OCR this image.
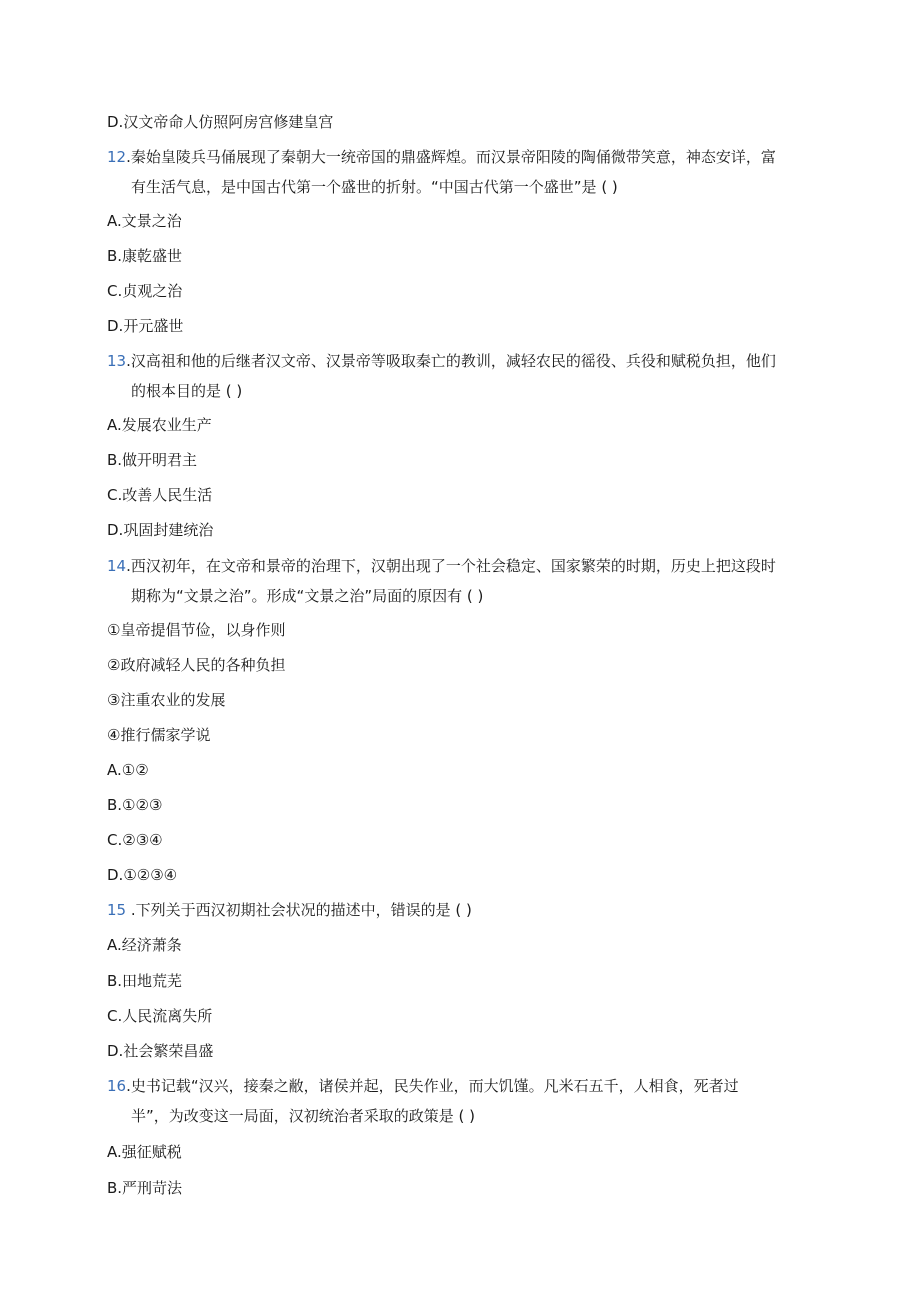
D.汉文帝命人仿照阿房宫修建皇宫
12.秦始皇陵兵马俑展现了秦朝大一统帝国的鼎盛辉煌。而汉景帝阳陵的陶俑微带笑意，神态安详，富
有生活气息，是中国古代第一个盛世的折射。“中国古代第一个盛世”是 ( )
A.文景之治
B.康乾盛世
C.贞观之治
D.开元盛世
13.汉高祖和他的后继者汉文帝、汉景帝等吸取秦亡的教训，减轻农民的徭役、兵役和赋税负担，他们
的根本目的是 ( )
A.发展农业生产
B.做开明君主
C.改善人民生活
D.巩固封建统治
14.西汉初年，在文帝和景帝的治理下，汉朝出现了一个社会稳定、国家繁荣的时期，历史上把这段时
期称为“文景之治”。形成“文景之治”局面的原因有 ( )
①皇帝提倡节俭，以身作则
②政府减轻人民的各种负担
③注重农业的发展
④推行儒家学说
A.①②
B.①②③
C.②③④
D.①②③④
15 .下列关于西汉初期社会状况的描述中，错误的是 ( )
A.经济萧条
B.田地荒芜
C.人民流离失所
D.社会繁荣昌盛
16.史书记载“汉兴，接秦之敝，诸侯并起，民失作业，而大饥馑。凡米石五千，人相食，死者过
半”，为改变这一局面，汉初统治者采取的政策是 ( )
A.强征赋税
B.严刑苛法
